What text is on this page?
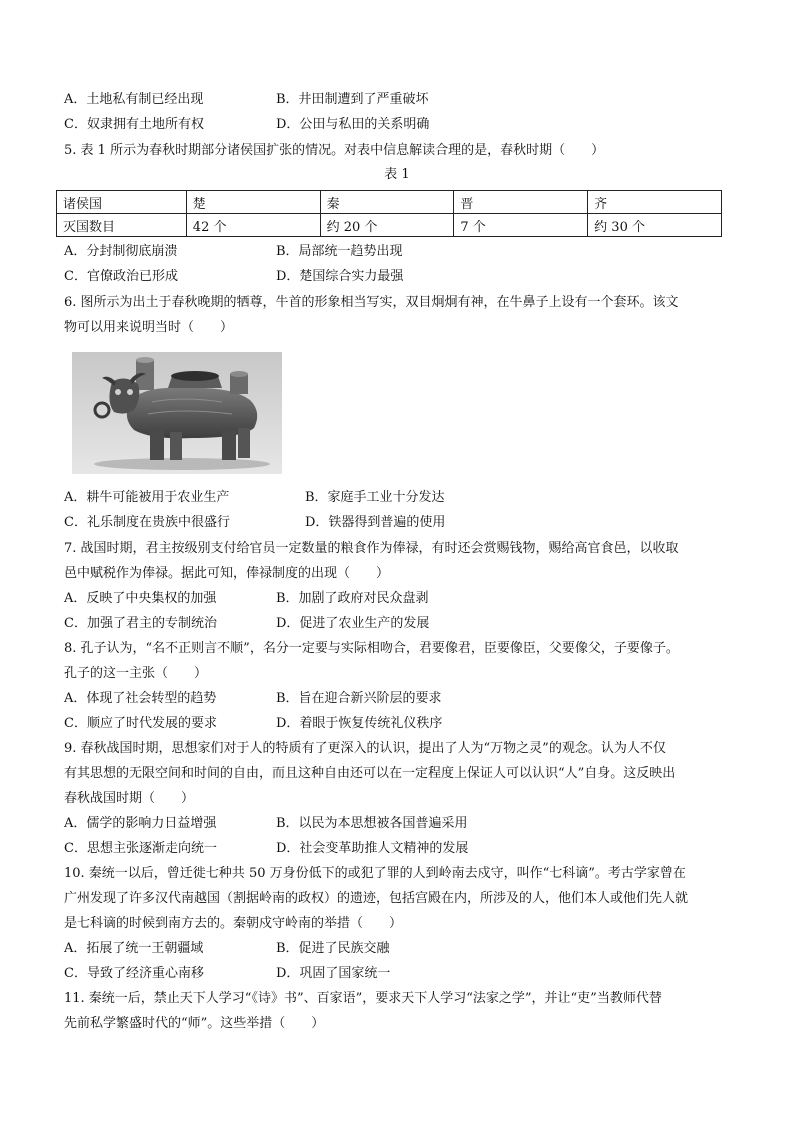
A．土地私有制已经出现	B．井田制遭到了严重破坏
C．奴隶拥有土地所有权	D．公田与私田的关系明确
5. 表 1 所示为春秋时期部分诸侯国扩张的情况。对表中信息解读合理的是，春秋时期（　　）
表 1
诸侯国	楚	秦	晋	齐
灭国数目	42 个	约 20 个	7 个	约 30 个
A．分封制彻底崩溃	B．局部统一趋势出现
C．官僚政治已形成	D．楚国综合实力最强
6. 图所示为出土于春秋晚期的牺尊，牛首的形象相当写实，双目炯炯有神，在牛鼻子上设有一个套环。该文
物可以用来说明当时（　　）
A．耕牛可能被用于农业生产	B．家庭手工业十分发达
C．礼乐制度在贵族中很盛行	D．铁器得到普遍的使用
7. 战国时期，君主按级别支付给官员一定数量的粮食作为俸禄，有时还会赏赐钱物，赐给高官食邑，以收取
邑中赋税作为俸禄。据此可知，俸禄制度的出现（　　）
A．反映了中央集权的加强	B．加剧了政府对民众盘剥
C．加强了君主的专制统治	D．促进了农业生产的发展
8. 孔子认为，“名不正则言不顺”，名分一定要与实际相吻合，君要像君，臣要像臣，父要像父，子要像子。
孔子的这一主张（　　）
A．体现了社会转型的趋势	B．旨在迎合新兴阶层的要求
C．顺应了时代发展的要求	D．着眼于恢复传统礼仪秩序
9. 春秋战国时期，思想家们对于人的特质有了更深入的认识，提出了人为“万物之灵”的观念。认为人不仅
有其思想的无限空间和时间的自由，而且这种自由还可以在一定程度上保证人可以认识“人”自身。这反映出
春秋战国时期（　　）
A．儒学的影响力日益增强	B．以民为本思想被各国普遍采用
C．思想主张逐渐走向统一	D．社会变革助推人文精神的发展
10. 秦统一以后，曾迁徙七种共 50 万身份低下的或犯了罪的人到岭南去戍守，叫作“七科谪”。考古学家曾在
广州发现了许多汉代南越国（割据岭南的政权）的遗迹，包括宫殿在内，所涉及的人，他们本人或他们先人就
是七科谪的时候到南方去的。秦朝戍守岭南的举措（　　）
A．拓展了统一王朝疆域	B．促进了民族交融
C．导致了经济重心南移	D．巩固了国家统一
11. 秦统一后，禁止天下人学习“《诗》书”、百家语”，要求天下人学习“法家之学”，并让“吏”当教师代替
先前私学繁盛时代的“师”。这些举措（　　）
